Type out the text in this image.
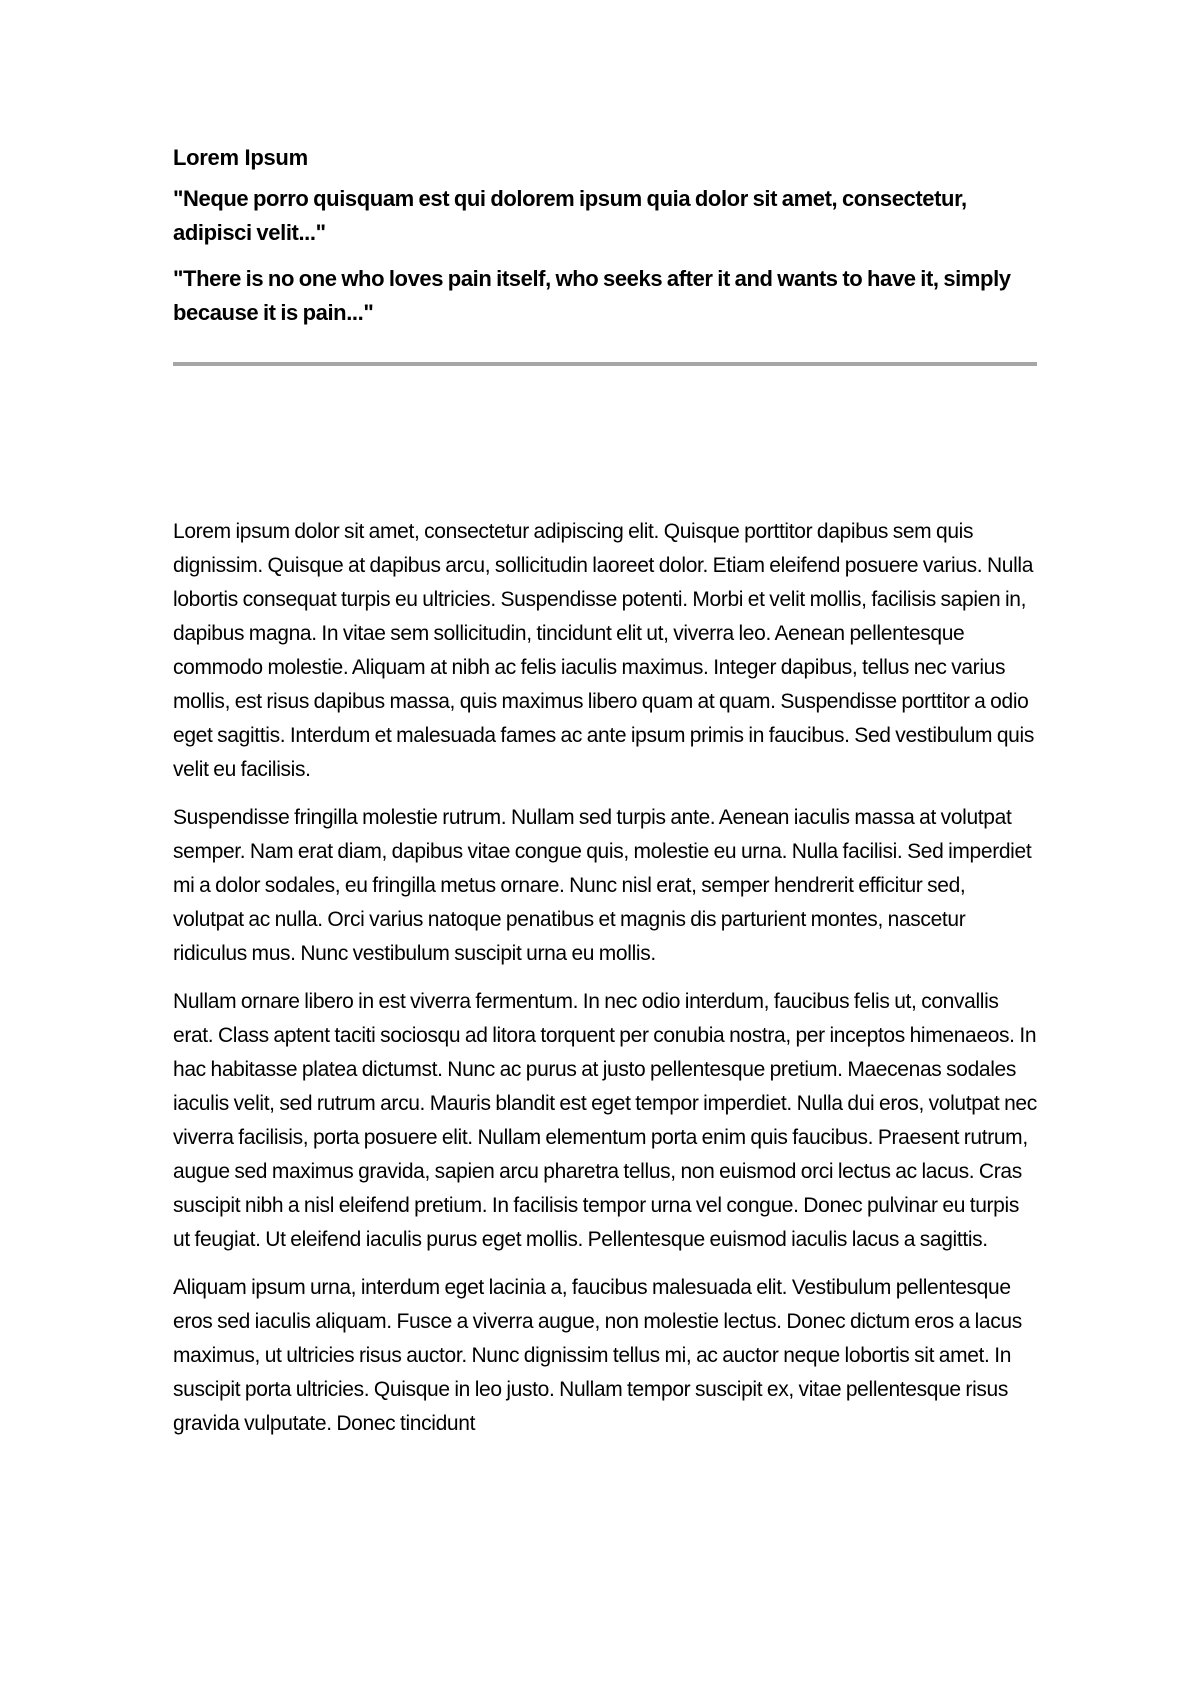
Lorem Ipsum
"Neque porro quisquam est qui dolorem ipsum quia dolor sit amet, consectetur, adipisci velit..."
"There is no one who loves pain itself, who seeks after it and wants to have it, simply because it is pain..."

Lorem ipsum dolor sit amet, consectetur adipiscing elit. Quisque porttitor dapibus sem quis dignissim. Quisque at dapibus arcu, sollicitudin laoreet dolor. Etiam eleifend posuere varius. Nulla lobortis consequat turpis eu ultricies. Suspendisse potenti. Morbi et velit mollis, facilisis sapien in, dapibus magna. In vitae sem sollicitudin, tincidunt elit ut, viverra leo. Aenean pellentesque commodo molestie. Aliquam at nibh ac felis iaculis maximus. Integer dapibus, tellus nec varius mollis, est risus dapibus massa, quis maximus libero quam at quam. Suspendisse porttitor a odio eget sagittis. Interdum et malesuada fames ac ante ipsum primis in faucibus. Sed vestibulum quis velit eu facilisis.

Suspendisse fringilla molestie rutrum. Nullam sed turpis ante. Aenean iaculis massa at volutpat semper. Nam erat diam, dapibus vitae congue quis, molestie eu urna. Nulla facilisi. Sed imperdiet mi a dolor sodales, eu fringilla metus ornare. Nunc nisl erat, semper hendrerit efficitur sed, volutpat ac nulla. Orci varius natoque penatibus et magnis dis parturient montes, nascetur ridiculus mus. Nunc vestibulum suscipit urna eu mollis.

Nullam ornare libero in est viverra fermentum. In nec odio interdum, faucibus felis ut, convallis erat. Class aptent taciti sociosqu ad litora torquent per conubia nostra, per inceptos himenaeos. In hac habitasse platea dictumst. Nunc ac purus at justo pellentesque pretium. Maecenas sodales iaculis velit, sed rutrum arcu. Mauris blandit est eget tempor imperdiet. Nulla dui eros, volutpat nec viverra facilisis, porta posuere elit. Nullam elementum porta enim quis faucibus. Praesent rutrum, augue sed maximus gravida, sapien arcu pharetra tellus, non euismod orci lectus ac lacus. Cras suscipit nibh a nisl eleifend pretium. In facilisis tempor urna vel congue. Donec pulvinar eu turpis ut feugiat. Ut eleifend iaculis purus eget mollis. Pellentesque euismod iaculis lacus a sagittis.

Aliquam ipsum urna, interdum eget lacinia a, faucibus malesuada elit. Vestibulum pellentesque eros sed iaculis aliquam. Fusce a viverra augue, non molestie lectus. Donec dictum eros a lacus maximus, ut ultricies risus auctor. Nunc dignissim tellus mi, ac auctor neque lobortis sit amet. In suscipit porta ultricies. Quisque in leo justo. Nullam tempor suscipit ex, vitae pellentesque risus gravida vulputate. Donec tincidunt
